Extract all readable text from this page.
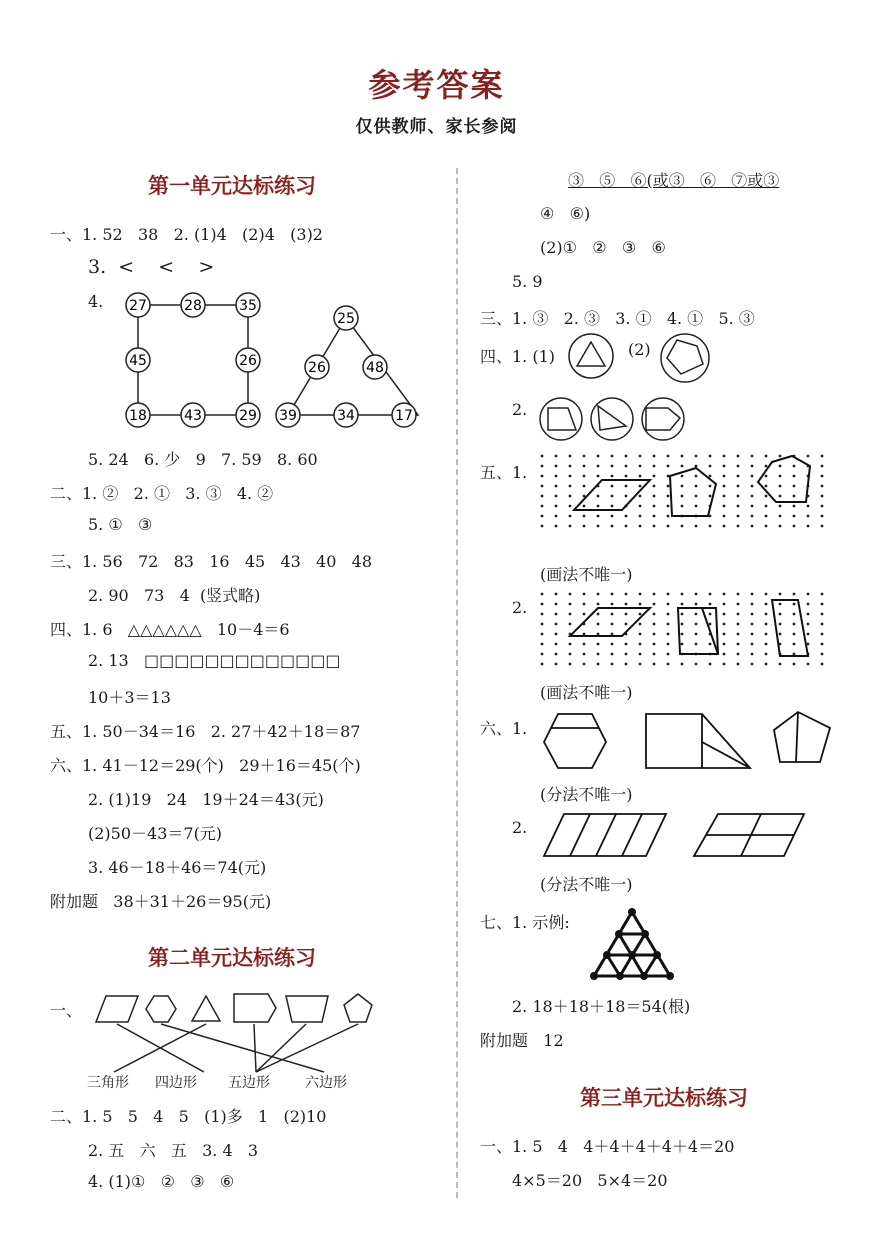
参考答案
仅供教师、家长参阅
第一单元达标练习
一、1. 52   38   2. (1)4   (2)4   (3)2
3.  <    <    >
4. 27	28	35
45	26
18	43	29
25
26	48
39	34	17
5. 24   6. 少   9   7. 59   8. 60
二、1. ②   2. ①   3. ③   4. ②
5. ①   ③
三、1. 56   72   83   16   45   43   40   48
2. 90   73   4  (竖式略)
四、1. 6   △△△△△△   10－4＝6
2. 13   □□□□□□□□□□□□□
10＋3＝13
五、1. 50－34＝16   2. 27＋42＋18＝87
六、1. 41－12＝29(个)   29＋16＝45(个)
2. (1)19   24   19＋24＝43(元)
(2)50－43＝7(元)
3. 46－18＋46＝74(元)
附加题   38＋31＋26＝95(元)
第二单元达标练习
一、
三角形 四边形 五边形	六边形
二、1. 5   5   4   5   (1)多   1   (2)10
2. 五   六   五   3. 4   3
4. (1)①   ②   ③   ⑥
③   ⑤   ⑥(或③   ⑥   ⑦或③
④   ⑥)
(2)①   ②   ③   ⑥
5. 9
三、1. ③   2. ③   3. ①   4. ①   5. ③
四、1. (1)	(2)
2.
五、1.
(画法不唯一)
2.
(画法不唯一)
六、1.
(分法不唯一)
2.
(分法不唯一)
七、1. 示例:
2. 18＋18＋18＝54(根)
附加题   12
第三单元达标练习
一、1. 5   4   4＋4＋4＋4＋4＝20
4×5＝20   5×4＝20
